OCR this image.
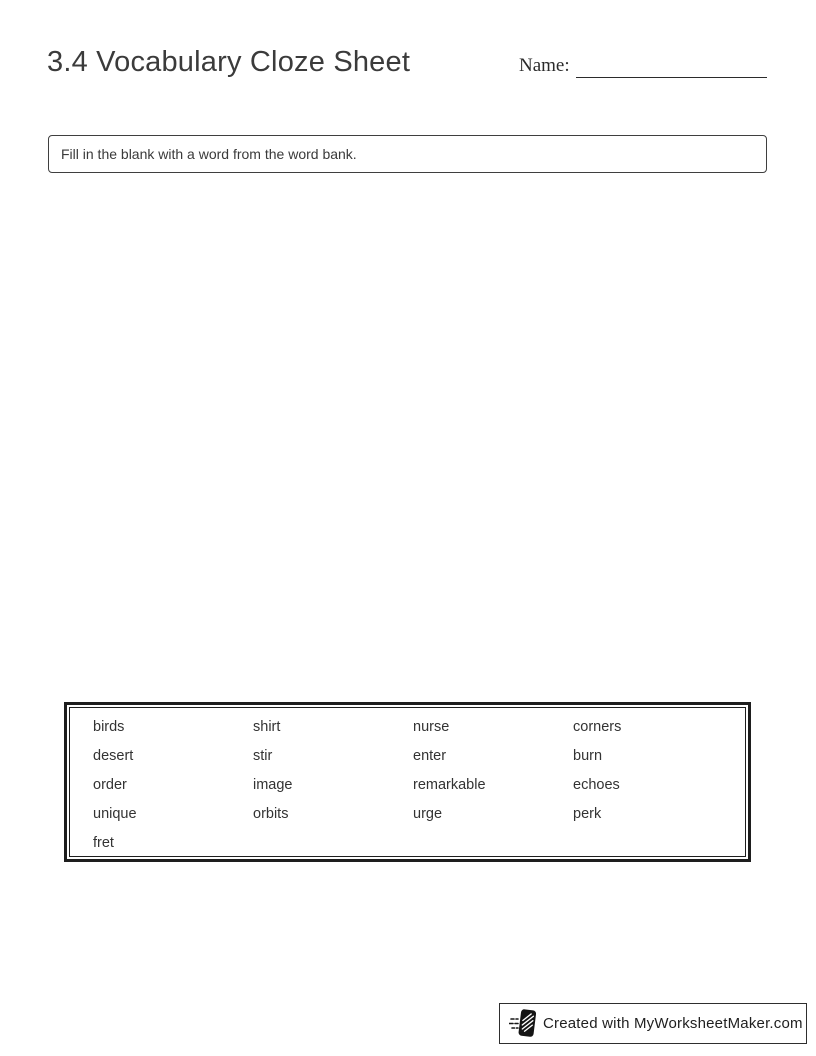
3.4 Vocabulary Cloze Sheet	Name:
Fill in the blank with a word from the word bank.
birds	shirt	nurse	corners
desert	stir	enter	burn
order	image	remarkable	echoes
unique	orbits	urge	perk
fret
Created with MyWorksheetMaker.com
